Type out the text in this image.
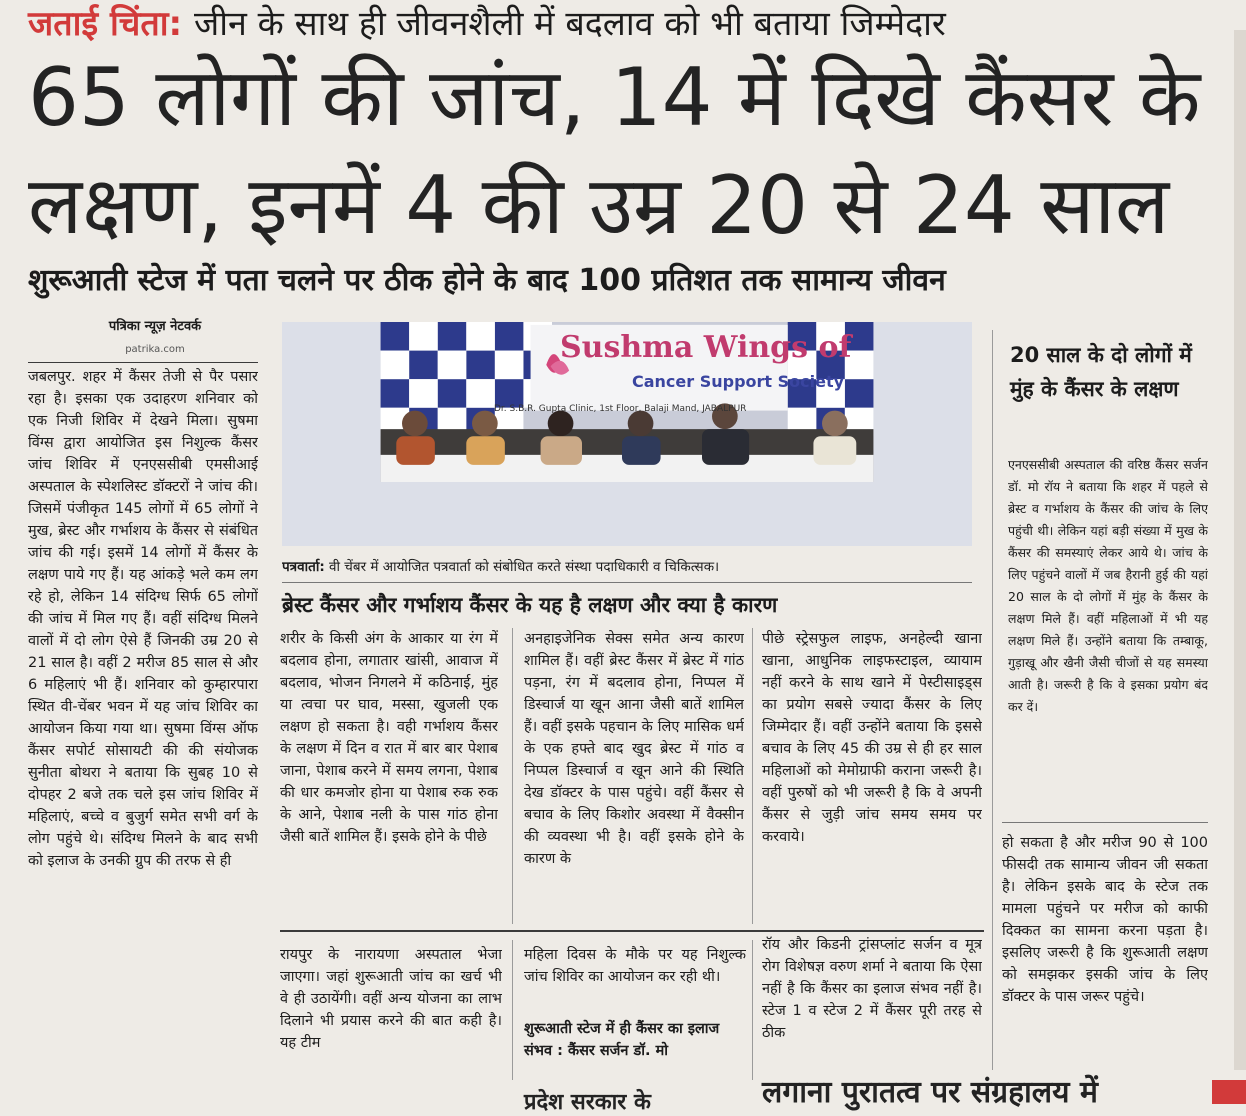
जताई चिंता: जीन के साथ ही जीवनशैली में बदलाव को भी बताया जिम्मेदार
65 लोगों की जांच, 14 में दिखे कैंसर के
लक्षण, इनमें 4 की उम्र 20 से 24 साल
शुरूआती स्टेज में पता चलने पर ठीक होने के बाद 100 प्रतिशत तक सामान्य जीवन
पत्रिका न्यूज़ नेटवर्क
patrika.com

जबलपुर. शहर में कैंसर तेजी से पैर पसार रहा है। इसका एक उदाहरण शनिवार को एक निजी शिविर में देखने मिला। सुषमा विंग्स द्वारा आयोजित इस निशुल्क कैंसर जांच शिविर में एनएससीबी एमसीआई अस्पताल के स्पेशलिस्ट डॉक्टरों ने जांच की। जिसमें पंजीकृत 145 लोगों में 65 लोगों ने मुख, ब्रेस्ट और गर्भाशय के कैंसर से संबंधित जांच की गई। इसमें 14 लोगों में कैंसर के लक्षण पाये गए हैं। यह आंकड़े भले कम लग रहे हो, लेकिन 14 संदिग्ध सिर्फ 65 लोगों की जांच में मिल गए हैं। वहीं संदिग्ध मिलने वालों में दो लोग ऐसे हैं जिनकी उम्र 20 से 21 साल है। वहीं 2 मरीज 85 साल से और 6 महिलाएं भी हैं। शनिवार को कुम्हारपारा स्थित वी-चेंबर भवन में यह जांच शिविर का आयोजन किया गया था। सुषमा विंग्स ऑफ कैंसर सपोर्ट सोसायटी की की संयोजक सुनीता बोथरा ने बताया कि सुबह 10 से दोपहर 2 बजे तक चले इस जांच शिविर में महिलाएं, बच्चे व बुजुर्ग समेत सभी वर्ग के लोग पहुंचे थे। संदिग्ध मिलने के बाद सभी को इलाज के उनकी ग्रुप की तरफ से ही

Sushma Wings of
Cancer Support Society
Dr. S.B.R. Gupta Clinic, 1st Floor, Balaji Mand, JABALPUR
पत्रवार्ता: वी चेंबर में आयोजित पत्रवार्ता को संबोधित करते संस्था पदाधिकारी व चिकित्सक।
ब्रेस्ट कैंसर और गर्भाशय कैंसर के यह है लक्षण और क्या है कारण

शरीर के किसी अंग के आकार या रंग में बदलाव होना, लगातार खांसी, आवाज में बदलाव, भोजन निगलने में कठिनाई, मुंह या त्वचा पर घाव, मस्सा, खुजली एक लक्षण हो सकता है। वही गर्भाशय कैंसर के लक्षण में दिन व रात में बार बार पेशाब जाना, पेशाब करने में समय लगना, पेशाब की धार कमजोर होना या पेशाब रुक रुक के आने, पेशाब नली के पास गांठ होना जैसी बातें शामिल हैं। इसके होने के पीछे

अनहाइजेनिक सेक्स समेत अन्य कारण शामिल हैं। वहीं ब्रेस्ट कैंसर में ब्रेस्ट में गांठ पड़ना, रंग में बदलाव होना, निप्पल में डिस्चार्ज या खून आना जैसी बातें शामिल हैं। वहीं इसके पहचान के लिए मासिक धर्म के एक हफ्ते बाद खुद ब्रेस्ट में गांठ व निप्पल डिस्चार्ज व खून आने की स्थिति देख डॉक्टर के पास पहुंचे। वहीं कैंसर से बचाव के लिए किशोर अवस्था में वैक्सीन की व्यवस्था भी है। वहीं इसके होने के कारण के

पीछे स्ट्रेसफुल लाइफ, अनहेल्दी खाना खाना, आधुनिक लाइफस्टाइल, व्यायाम नहीं करने के साथ खाने में पेस्टीसाइड्स का प्रयोग सबसे ज्यादा कैंसर के लिए जिम्मेदार हैं। वहीं उन्होंने बताया कि इससे बचाव के लिए 45 की उम्र से ही हर साल महिलाओं को मेमोग्राफी कराना जरूरी है। वहीं पुरुषों को भी जरूरी है कि वे अपनी कैंसर से जुड़ी जांच समय समय पर करवाये।

रायपुर के नारायणा अस्पताल भेजा जाएगा। जहां शुरूआती जांच का खर्च भी वे ही उठायेंगी। वहीं अन्य योजना का लाभ दिलाने भी प्रयास करने की बात कही है। यह टीम

महिला दिवस के मौके पर यह निशुल्क जांच शिविर का आयोजन कर रही थी।

शुरूआती स्टेज में ही कैंसर का इलाज संभव : कैंसर सर्जन डॉ. मो

रॉय और किडनी ट्रांसप्लांट सर्जन व मूत्र रोग विशेषज्ञ वरुण शर्मा ने बताया कि ऐसा नहीं है कि कैंसर का इलाज संभव नहीं है। स्टेज 1 व स्टेज 2 में कैंसर पूरी तरह से ठीक

20 साल के दो लोगों में मुंह के कैंसर के लक्षण

एनएससीबी अस्पताल की वरिष्ठ कैंसर सर्जन डॉ. मो रॉय ने बताया कि शहर में पहले से ब्रेस्ट व गर्भाशय के कैंसर की जांच के लिए पहुंची थी। लेकिन यहां बड़ी संख्या में मुख के कैंसर की समस्याएं लेकर आये थे। जांच के लिए पहुंचने वालों में जब हैरानी हुई की यहां 20 साल के दो लोगों में मुंह के कैंसर के लक्षण मिले हैं। वहीं महिलाओं में भी यह लक्षण मिले हैं। उन्होंने बताया कि तम्बाकू, गुड़ाखू और खैनी जैसी चीजों से यह समस्या आती है। जरूरी है कि वे इसका प्रयोग बंद कर दें।

हो सकता है और मरीज 90 से 100 फीसदी तक सामान्य जीवन जी सकता है। लेकिन इसके बाद के स्टेज तक मामला पहुंचने पर मरीज को काफी दिक्कत का सामना करना पड़ता है। इसलिए जरूरी है कि शुरूआती लक्षण को समझकर इसकी जांच के लिए डॉक्टर के पास जरूर पहुंचे।

प्रदेश सरकार के	लगाना पुरातत्व पर संग्रहालय में
